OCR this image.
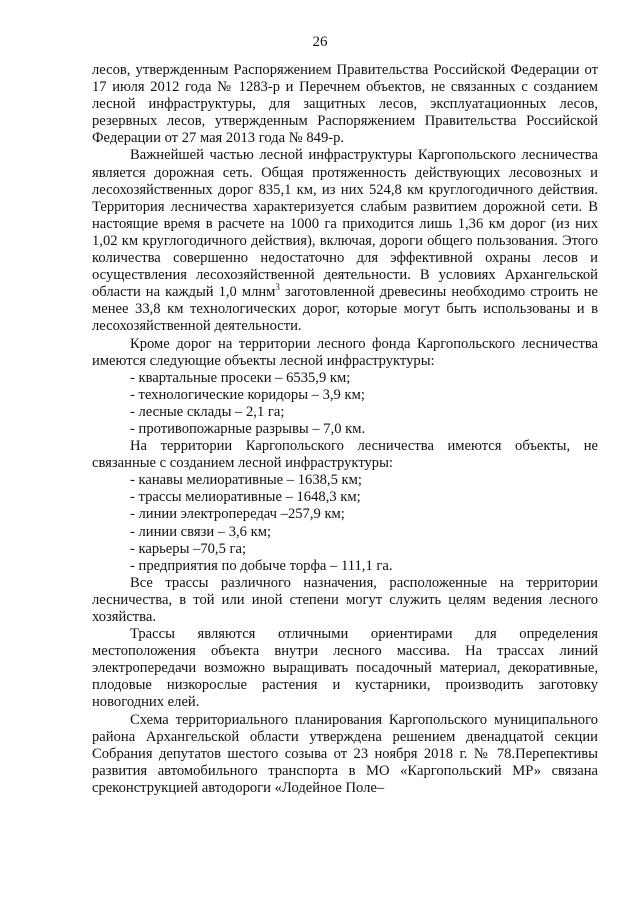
26

лесов, утвержденным Распоряжением Правительства Российской Федерации от 17 июля 2012 года № 1283-р и Перечнем объектов, не связанных с созданием лесной инфраструктуры, для защитных лесов, эксплуатационных лесов, резервных лесов, утвержденным Распоряжением Правительства Российской Федерации от 27 мая 2013 года № 849-р.

Важнейшей частью лесной инфраструктуры Каргопольского лесничества является дорожная сеть. Общая протяженность действующих лесовозных и лесохозяйственных дорог 835,1 км, из них 524,8 км круглогодичного действия. Территория лесничества характеризуется слабым развитием дорожной сети. В настоящие время в расчете на 1000 га приходится лишь 1,36 км дорог (из них 1,02 км круглогодичного действия), включая, дороги общего пользования. Этого количества совершенно недостаточно для эффективной охраны лесов и осуществления лесохозяйственной деятельности. В условиях Архангельской области на каждый 1,0 млнм$^3$ заготовленной древесины необходимо строить не менее 33,8 км технологических дорог, которые могут быть использованы и в лесохозяйственной деятельности.

Кроме дорог на территории лесного фонда Каргопольского лесничества имеются следующие объекты лесной инфраструктуры:

- квартальные просеки – 6535,9 км;

- технологические коридоры – 3,9 км;

- лесные склады – 2,1 га;

- противопожарные разрывы – 7,0 км.

На территории Каргопольского лесничества имеются объекты, не связанные с созданием лесной инфраструктуры:

- канавы мелиоративные – 1638,5 км;

- трассы мелиоративные – 1648,3 км;

- линии электропередач –257,9 км;

- линии связи – 3,6 км;

- карьеры –70,5 га;

- предприятия по добыче торфа – 111,1 га.

Все трассы различного назначения, расположенные на территории лесничества, в той или иной степени могут служить целям ведения лесного хозяйства.

Трассы являются отличными ориентирами для определения местоположения объекта внутри лесного массива. На трассах линий электропередачи возможно выращивать посадочный материал, декоративные, плодовые низкорослые растения и кустарники, производить заготовку новогодних елей.

Схема территориального планирования Каргопольского муниципального района Архангельской области утверждена решением двенадцатой секции Собрания депутатов шестого созыва от 23 ноября 2018 г. № 78.Перепективы развития автомобильного транспорта в МО «Каргопольский МР» связана среконструкцией автодороги «Лодейное Поле–
